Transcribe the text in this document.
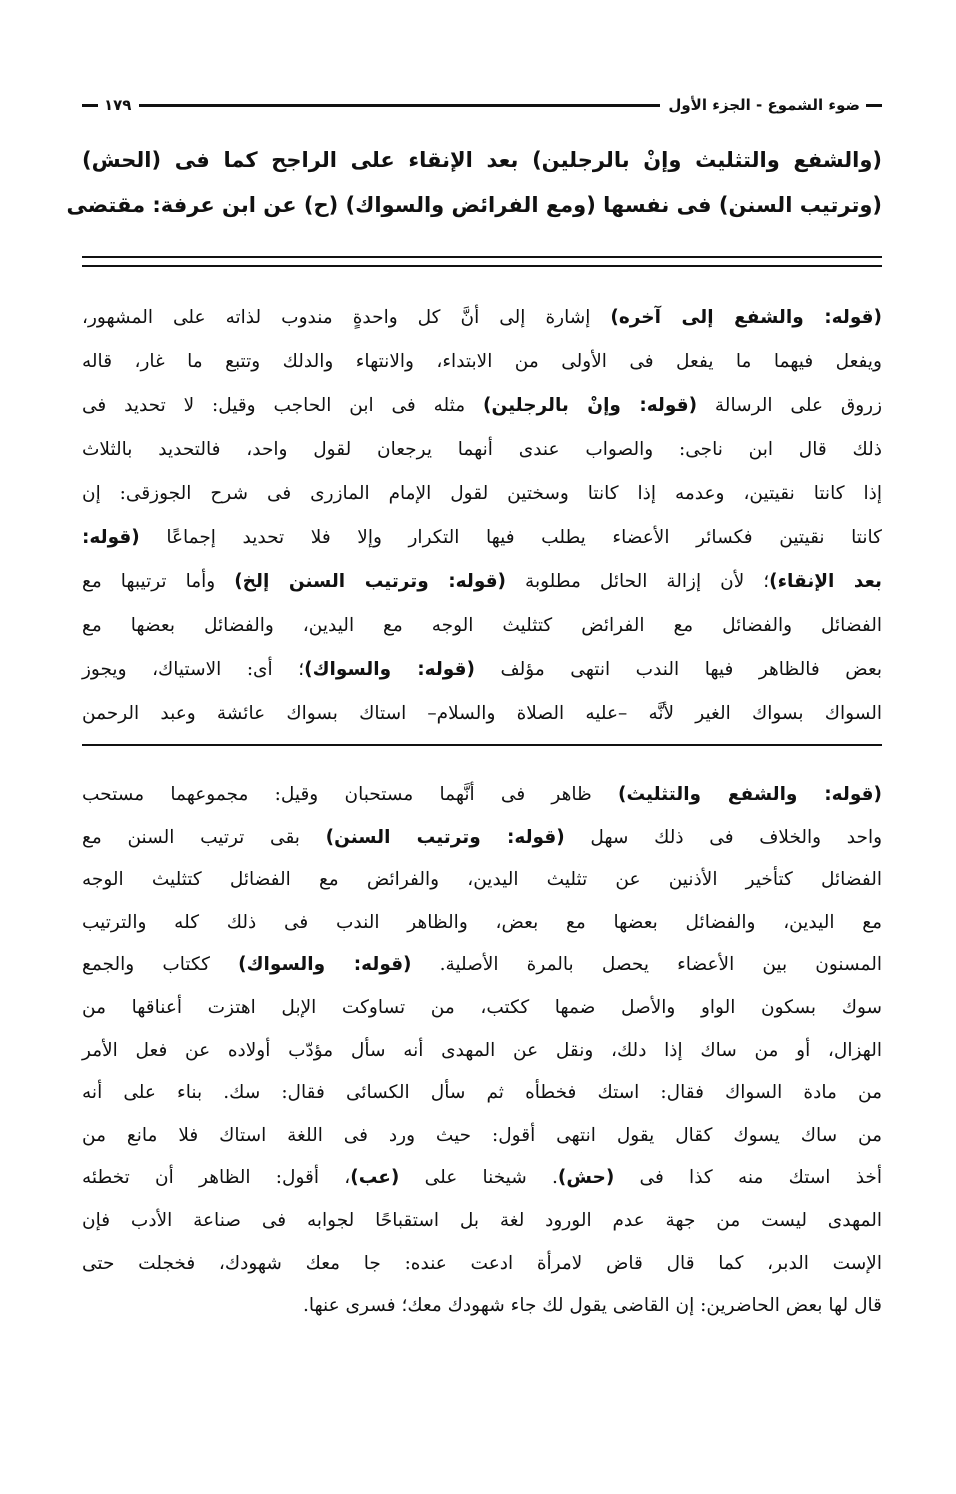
ضوء الشموع - الجزء الأول
١٧٩
(والشفع والتثليث وإنْ بالرجلين) بعد الإنقاء على الراجح كما فى (الحش)
(وترتيب السنن) فى نفسها (ومع الفرائض والسواك) (ح) عن ابن عرفة: مقتضى
(قوله: والشفع إلى آخره) إشارة إلى أنَّ كل واحدةٍ مندوب لذاته على المشهور،
ويفعل فيهما ما يفعل فى الأولى من الابتداء، والانتهاء والدلك وتتبع ما غار، قاله
زروق على الرسالة (قوله: وإنْ بالرجلين) مثله فى ابن الحاجب وقيل: لا تحديد فى
ذلك قال ابن ناجى: والصواب عندى أنهما يرجعان لقول واحد، فالتحديد بالثلاث
إذا كانتا نقيتين، وعدمه إذا كانتا وسختين لقول الإمام المازرى فى شرح الجوزقى: إن
كانتا نقيتين فكسائر الأعضاء يطلب فيها التكرار وإلا فلا تحديد إجماعًا (قوله:
بعد الإنقاء)؛ لأن إزالة الحائل مطلوبة (قوله: وترتيب السنن إلخ) وأما ترتيبها مع
الفضائل والفضائل مع الفرائض كتثليث الوجه مع اليدين، والفضائل بعضها مع
بعض فالظاهر فيها الندب انتهى مؤلف (قوله: والسواك)؛ أى: الاستياك، ويجوز
السواك بسواك الغير لأنَّه –عليه الصلاة والسلام– استاك بسواك عائشة وعبد الرحمن
(قوله: والشفع والتثليث) ظاهر فى أنَّهما مستحبان وقيل: مجموعهما مستحب
واحد والخلاف فى ذلك سهل (قوله: وترتيب السنن) بقى ترتيب السنن مع
الفضائل كتأخير الأذنين عن تثليث اليدين، والفرائض مع الفضائل كتثليث الوجه
مع اليدين، والفضائل بعضها مع بعض، والظاهر الندب فى ذلك كله والترتيب
المسنون بين الأعضاء يحصل بالمرة الأصلية. (قوله: والسواك) ككتاب والجمع
سوك بسكون الواو والأصل ضمها ككتب، من تساوكت الإبل اهتزت أعناقها من
الهزال، أو من ساك إذا دلك، ونقل عن المهدى أنه سأل مؤدّب أولاده عن فعل الأمر
من مادة السواك فقال: استك فخطأه ثم سأل الكسائى فقال: سك. بناء على أنه
من ساك يسوك كقال يقول انتهى أقول: حيث ورد فى اللغة استاك فلا مانع من
أخذ استك منه كذا فى (حش). شيخنا على (عب)، أقول: الظاهر أن تخطئه
المهدى ليست من جهة عدم الورود لغة بل استقباحًا لجوابه فى صناعة الأدب فإن
الإست الدبر، كما قال قاض لامرأة ادعت عنده: جا معك شهودك، فخجلت حتى
قال لها بعض الحاضرين: إن القاضى يقول لك جاء شهودك معك؛ فسرى عنها.
